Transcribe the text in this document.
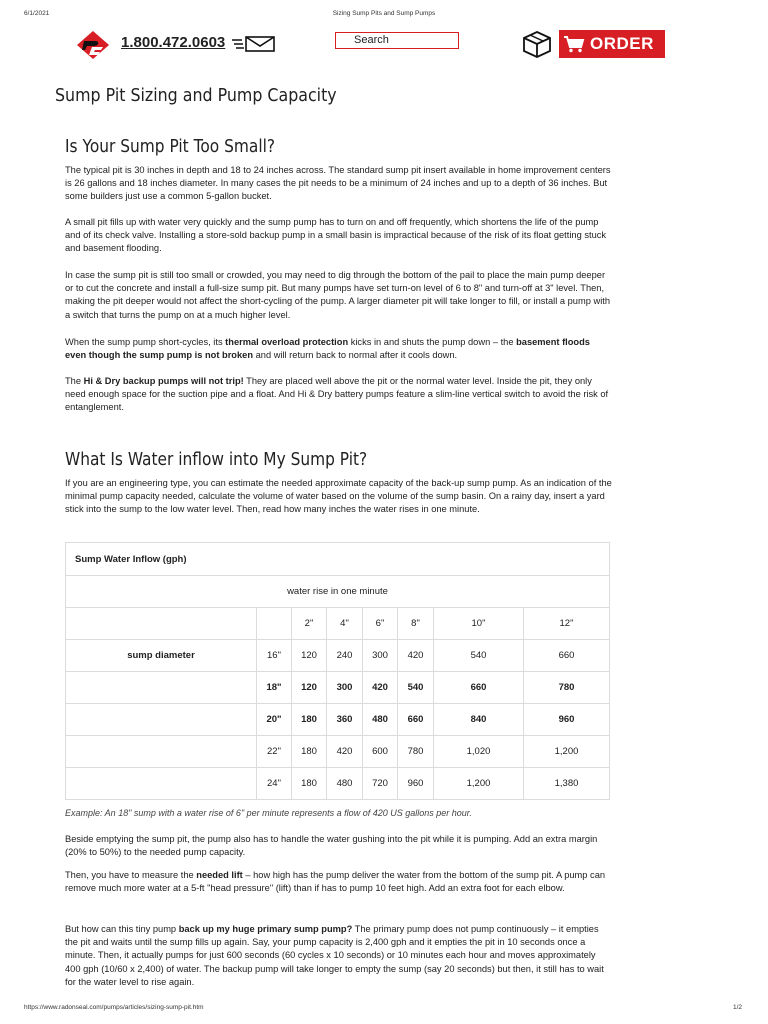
6/1/2021	Sizing Sump Pits and Sump Pumps
1.800.472.0603	Search	ORDER
Sump Pit Sizing and Pump Capacity
Is Your Sump Pit Too Small?

The typical pit is 30 inches in depth and 18 to 24 inches across. The standard sump pit insert available in home improvement centers is 26 gallons and 18 inches diameter. In many cases the pit needs to be a minimum of 24 inches and up to a depth of 36 inches. But some builders just use a common 5-gallon bucket.

A small pit fills up with water very quickly and the sump pump has to turn on and off frequently, which shortens the life of the pump and of its check valve. Installing a store-sold backup pump in a small basin is impractical because of the risk of its float getting stuck and basement flooding.

In case the sump pit is still too small or crowded, you may need to dig through the bottom of the pail to place the main pump deeper or to cut the concrete and install a full-size sump pit. But many pumps have set turn-on level of 6 to 8" and turn-off at 3" level. Then, making the pit deeper would not affect the short-cycling of the pump. A larger diameter pit will take longer to fill, or install a pump with a switch that turns the pump on at a much higher level.

When the sump pump short-cycles, its thermal overload protection kicks in and shuts the pump down – the basement floods even though the sump pump is not broken and will return back to normal after it cools down.

The Hi & Dry backup pumps will not trip! They are placed well above the pit or the normal water level. Inside the pit, they only need enough space for the suction pipe and a float. And Hi & Dry battery pumps feature a slim-line vertical switch to avoid the risk of entanglement.

What Is Water inflow into My Sump Pit?

If you are an engineering type, you can estimate the needed approximate capacity of the back-up sump pump. As an indication of the minimal pump capacity needed, calculate the volume of water based on the volume of the sump basin. On a rainy day, insert a yard stick into the sump to the low water level. Then, read how many inches the water rises in one minute.

Sump Water Inflow (gph)							
water rise in one minute							
		2"	4"	6"	8"	10"	12"
sump diameter	16"	120	240	300	420	540	660
	18"	120	300	420	540	660	780
	20"	180	360	480	660	840	960
	22"	180	420	600	780	1,020	1,200
	24"	180	480	720	960	1,200	1,380
Example: An 18" sump with a water rise of 6" per minute represents a flow of 420 US gallons per hour.

Beside emptying the sump pit, the pump also has to handle the water gushing into the pit while it is pumping. Add an extra margin (20% to 50%) to the needed pump capacity.

Then, you have to measure the needed lift – how high has the pump deliver the water from the bottom of the sump pit. A pump can remove much more water at a 5-ft "head pressure" (lift) than if has to pump 10 feet high. Add an extra foot for each elbow.

But how can this tiny pump back up my huge primary sump pump? The primary pump does not pump continuously – it empties the pit and waits until the sump fills up again. Say, your pump capacity is 2,400 gph and it empties the pit in 10 seconds once a minute. Then, it actually pumps for just 600 seconds (60 cycles x 10 seconds) or 10 minutes each hour and moves approximately 400 gph (10/60 x 2,400) of water. The backup pump will take longer to empty the sump (say 20 seconds) but then, it still has to wait for the water level to rise again.

https://www.radonseal.com/pumps/articles/sizing-sump-pit.htm	1/2
